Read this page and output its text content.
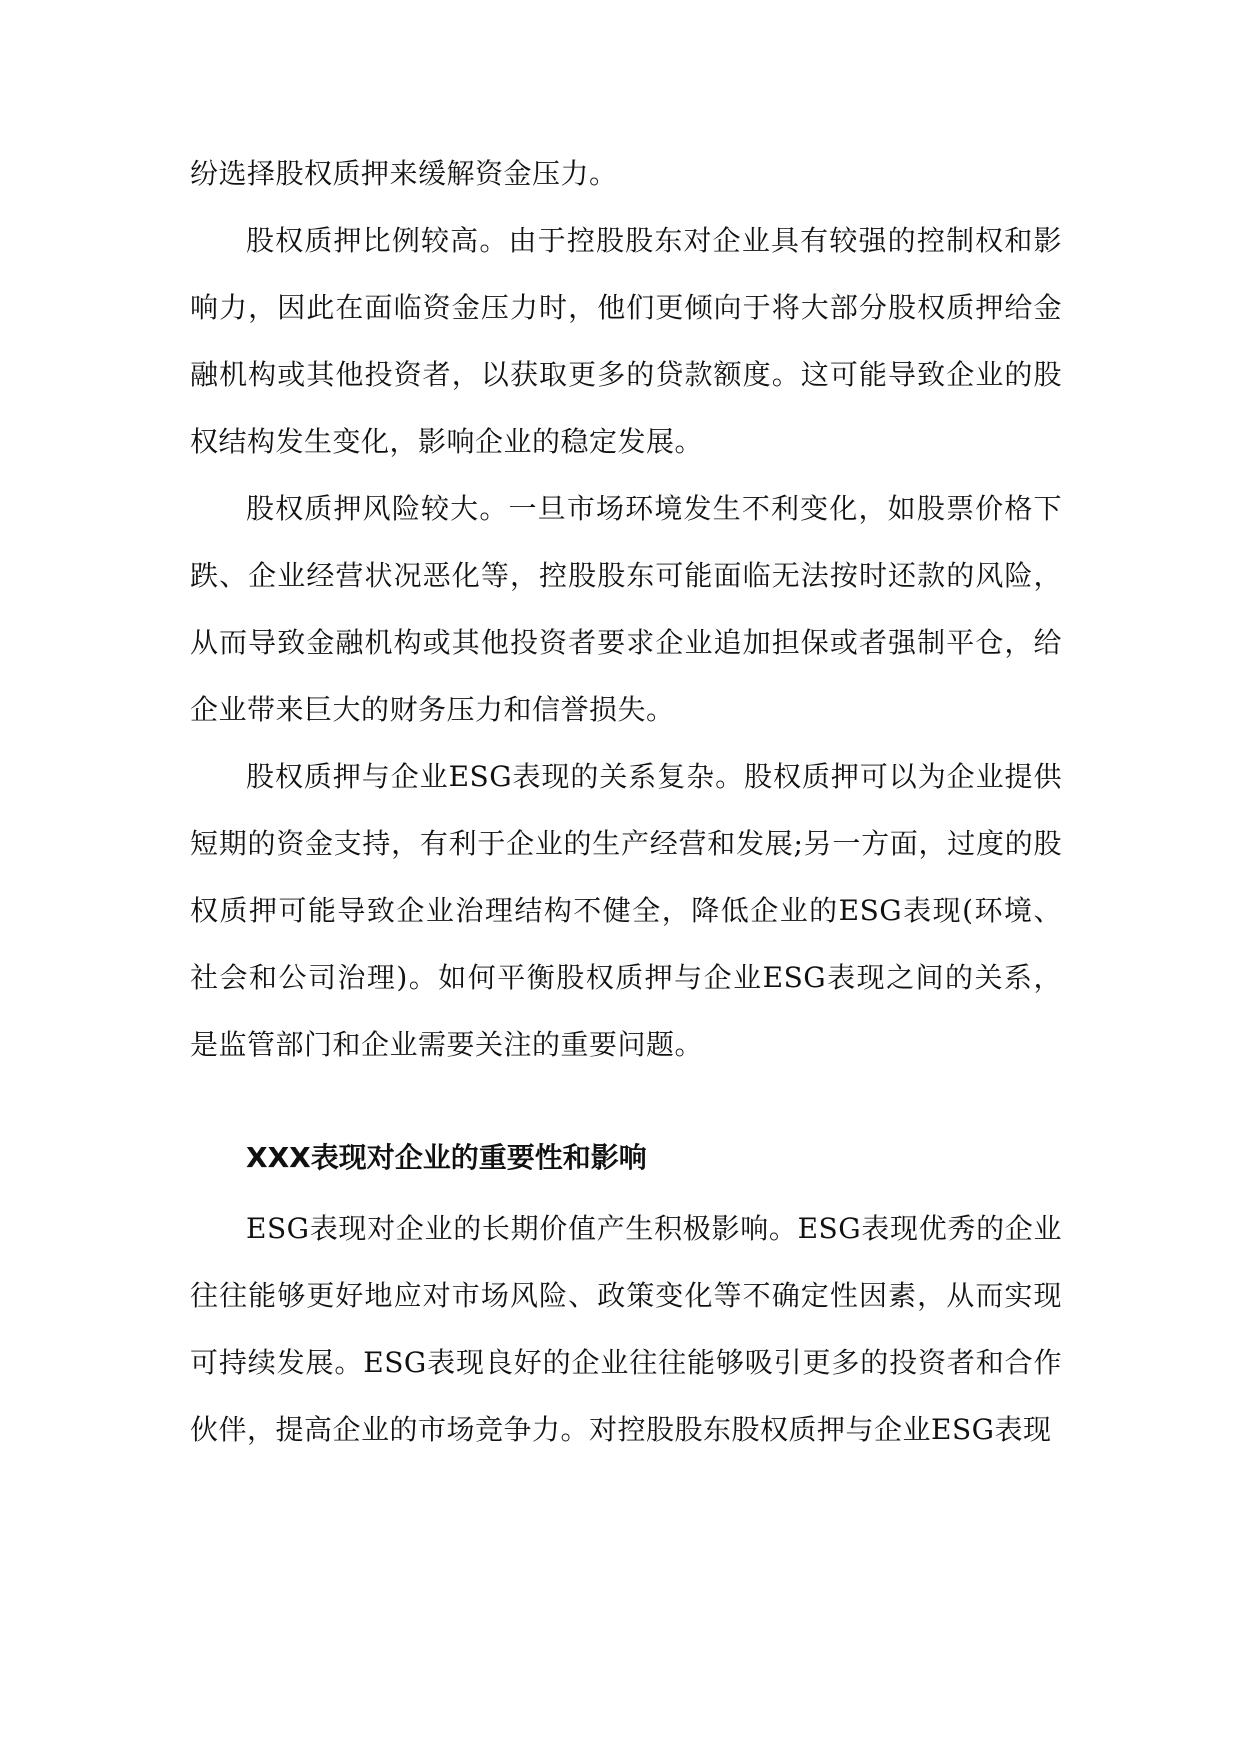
纷选择股权质押来缓解资金压力。

股权质押比例较高。由于控股股东对企业具有较强的控制权和影响力，因此在面临资金压力时，他们更倾向于将大部分股权质押给金融机构或其他投资者，以获取更多的贷款额度。这可能导致企业的股权结构发生变化，影响企业的稳定发展。

股权质押风险较大。一旦市场环境发生不利变化，如股票价格下跌、企业经营状况恶化等，控股股东可能面临无法按时还款的风险，从而导致金融机构或其他投资者要求企业追加担保或者强制平仓，给企业带来巨大的财务压力和信誉损失。

股权质押与企业ESG表现的关系复杂。股权质押可以为企业提供短期的资金支持，有利于企业的生产经营和发展;另一方面，过度的股权质押可能导致企业治理结构不健全，降低企业的ESG表现(环境、社会和公司治理)。如何平衡股权质押与企业ESG表现之间的关系，是监管部门和企业需要关注的重要问题。

XXX表现对企业的重要性和影响

ESG表现对企业的长期价值产生积极影响。ESG表现优秀的企业往往能够更好地应对市场风险、政策变化等不确定性因素，从而实现可持续发展。ESG表现良好的企业往往能够吸引更多的投资者和合作伙伴，提高企业的市场竞争力。对控股股东股权质押与企业ESG表现
